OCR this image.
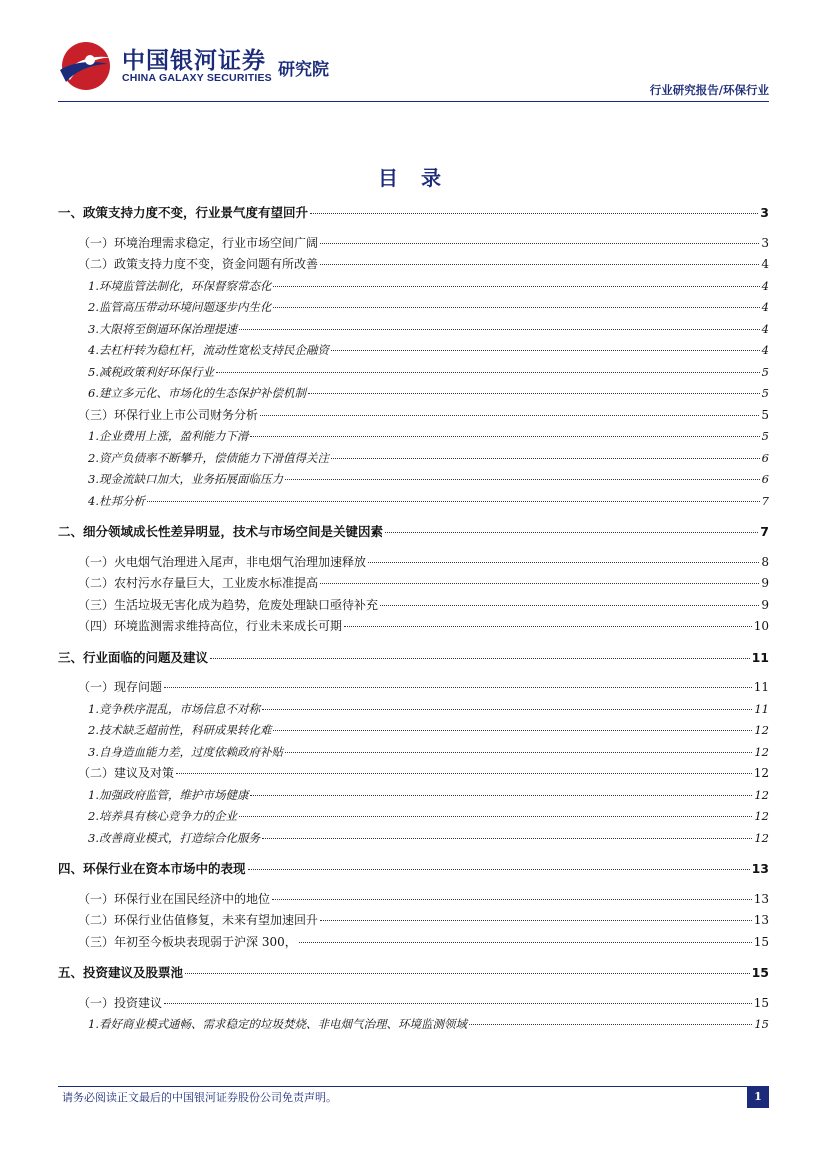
中国银河证券
CHINA GALAXY SECURITIES 研究院
行业研究报告/环保行业
目 录
一、政策支持力度不变，行业景气度有望回升	3
（一）环境治理需求稳定，行业市场空间广阔	3
（二）政策支持力度不变，资金问题有所改善	4
1.环境监管法制化，环保督察常态化	4
2.监管高压带动环境问题逐步内生化	4
3.大限将至倒逼环保治理提速	4
4.去杠杆转为稳杠杆，流动性宽松支持民企融资	4
5.减税政策利好环保行业	5
6.建立多元化、市场化的生态保护补偿机制	5
（三）环保行业上市公司财务分析	5
1.企业费用上涨，盈利能力下滑	5
2.资产负债率不断攀升，偿债能力下滑值得关注	6
3.现金流缺口加大，业务拓展面临压力	6
4.杜邦分析	7
二、细分领域成长性差异明显，技术与市场空间是关键因素	7
（一）火电烟气治理进入尾声，非电烟气治理加速释放	8
（二）农村污水存量巨大，工业废水标准提高	9
（三）生活垃圾无害化成为趋势，危废处理缺口亟待补充	9
（四）环境监测需求维持高位，行业未来成长可期	10
三、行业面临的问题及建议	11
（一）现存问题	11
1.竞争秩序混乱，市场信息不对称	11
2.技术缺乏超前性，科研成果转化难	12
3.自身造血能力差，过度依赖政府补贴	12
（二）建议及对策	12
1.加强政府监管，维护市场健康	12
2.培养具有核心竞争力的企业	12
3.改善商业模式，打造综合化服务	12
四、环保行业在资本市场中的表现	13
（一）环保行业在国民经济中的地位	13
（二）环保行业估值修复，未来有望加速回升	13
（三）年初至今板块表现弱于沪深 300，	15
五、投资建议及股票池	15
（一）投资建议	15
1.看好商业模式通畅、需求稳定的垃圾焚烧、非电烟气治理、环境监测领域	15
请务必阅读正文最后的中国银河证券股份公司免责声明。	1
